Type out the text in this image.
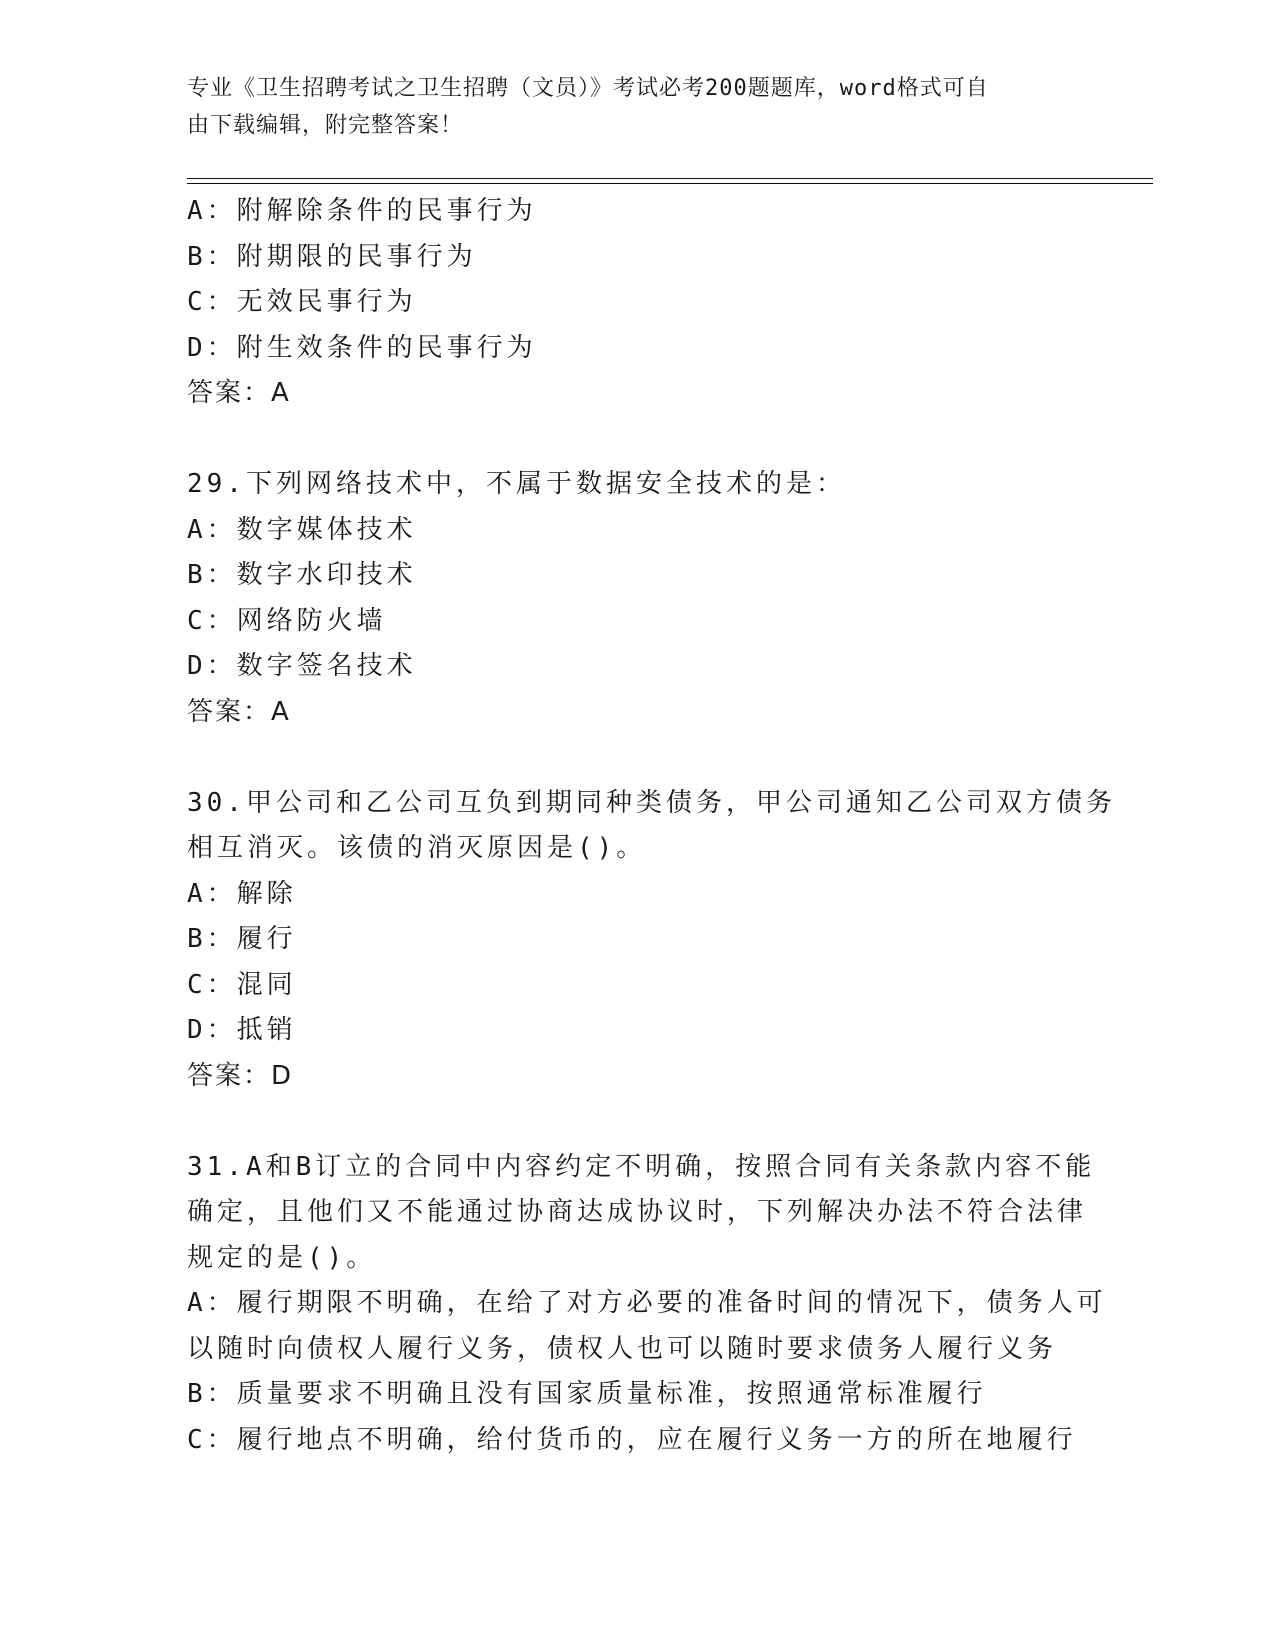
专业《卫生招聘考试之卫生招聘（文员）》考试必考200题题库，word格式可自
由下载编辑，附完整答案！
A：附解除条件的民事行为
B：附期限的民事行为
C：无效民事行为
D：附生效条件的民事行为
答案：A
29.下列网络技术中，不属于数据安全技术的是：
A：数字媒体技术
B：数字水印技术
C：网络防火墙
D：数字签名技术
答案：A
30.甲公司和乙公司互负到期同种类债务，甲公司通知乙公司双方债务
相互消灭。该债的消灭原因是()。
A：解除
B：履行
C：混同
D：抵销
答案：D
31.A和B订立的合同中内容约定不明确，按照合同有关条款内容不能
确定，且他们又不能通过协商达成协议时，下列解决办法不符合法律
规定的是()。
A：履行期限不明确，在给了对方必要的准备时间的情况下，债务人可
以随时向债权人履行义务，债权人也可以随时要求债务人履行义务
B：质量要求不明确且没有国家质量标准，按照通常标准履行
C：履行地点不明确，给付货币的，应在履行义务一方的所在地履行
